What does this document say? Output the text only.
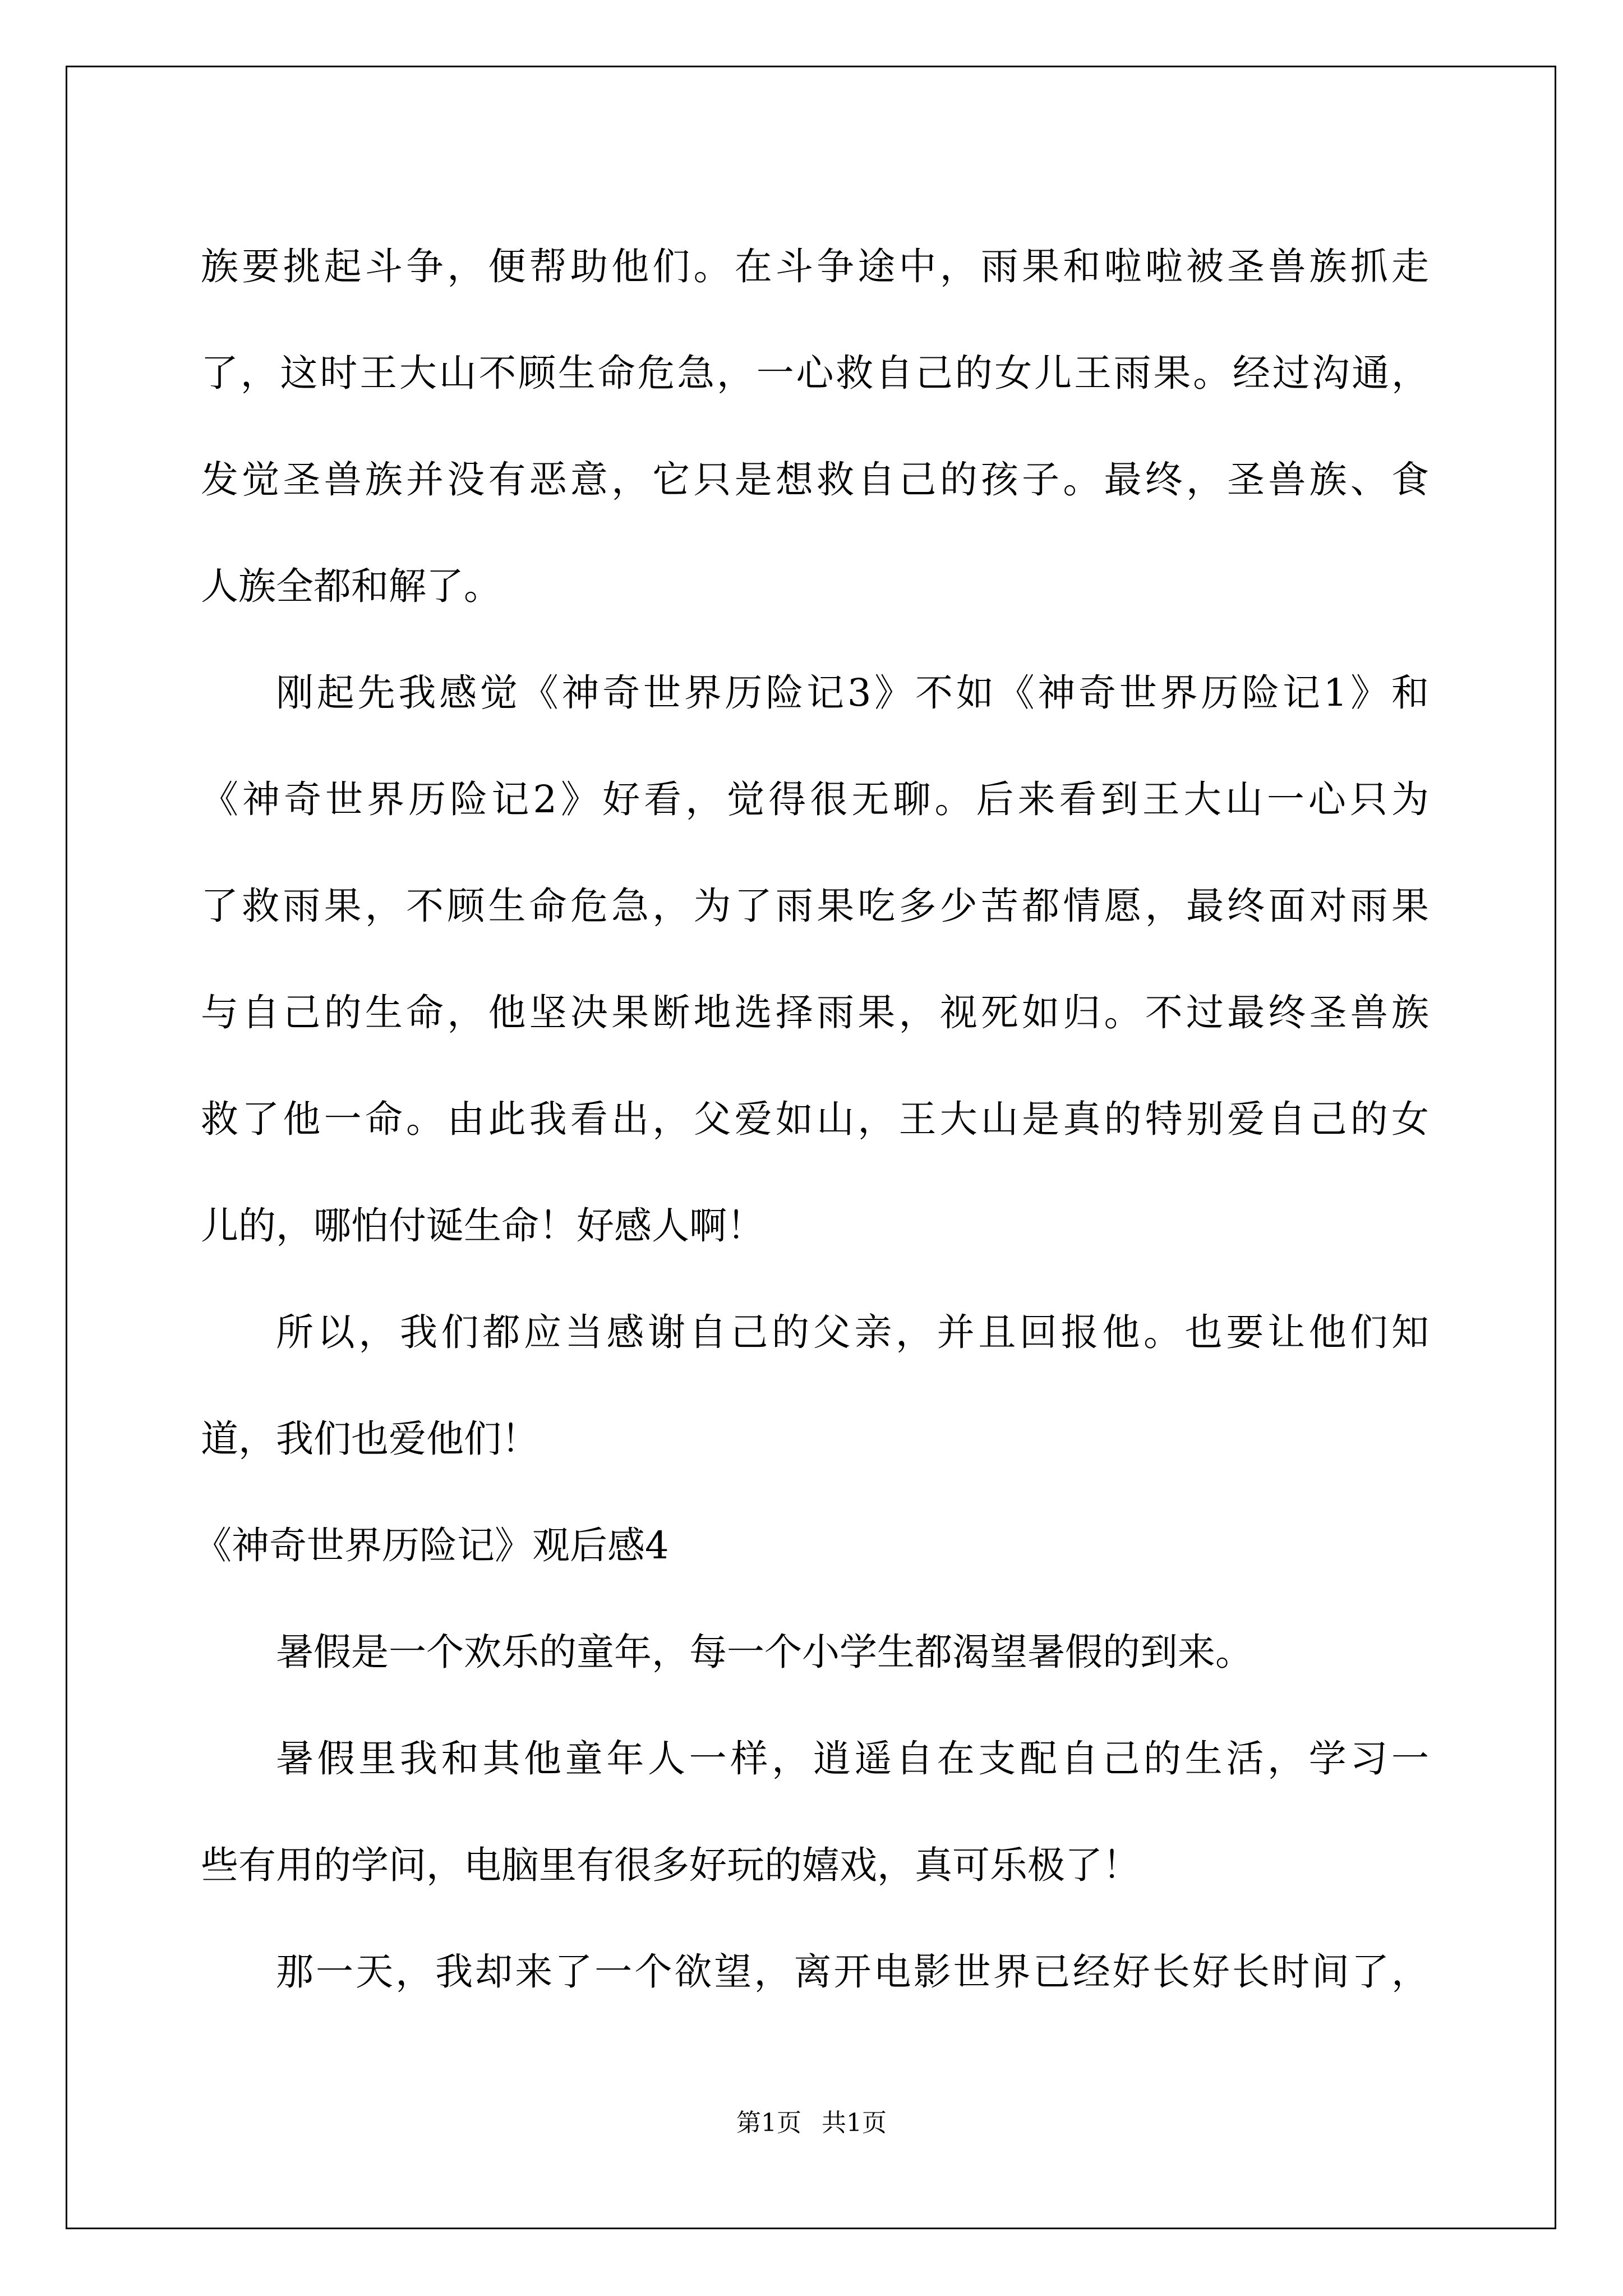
族要挑起斗争，便帮助他们。在斗争途中，雨果和啦啦被圣兽族抓走
了，这时王大山不顾生命危急，一心救自己的女儿王雨果。经过沟通，
发觉圣兽族并没有恶意，它只是想救自己的孩子。最终，圣兽族、食
人族全都和解了。
刚起先我感觉《神奇世界历险记3》不如《神奇世界历险记1》和
《神奇世界历险记2》好看，觉得很无聊。后来看到王大山一心只为
了救雨果，不顾生命危急，为了雨果吃多少苦都情愿，最终面对雨果
与自己的生命，他坚决果断地选择雨果，视死如归。不过最终圣兽族
救了他一命。由此我看出，父爱如山，王大山是真的特别爱自己的女
儿的，哪怕付诞生命！好感人啊！
所以，我们都应当感谢自己的父亲，并且回报他。也要让他们知
道，我们也爱他们！
《神奇世界历险记》观后感4
暑假是一个欢乐的童年，每一个小学生都渴望暑假的到来。
暑假里我和其他童年人一样，逍遥自在支配自己的生活，学习一
些有用的学问，电脑里有很多好玩的嬉戏，真可乐极了！
那一天，我却来了一个欲望，离开电影世界已经好长好长时间了，
第1页 共1页
